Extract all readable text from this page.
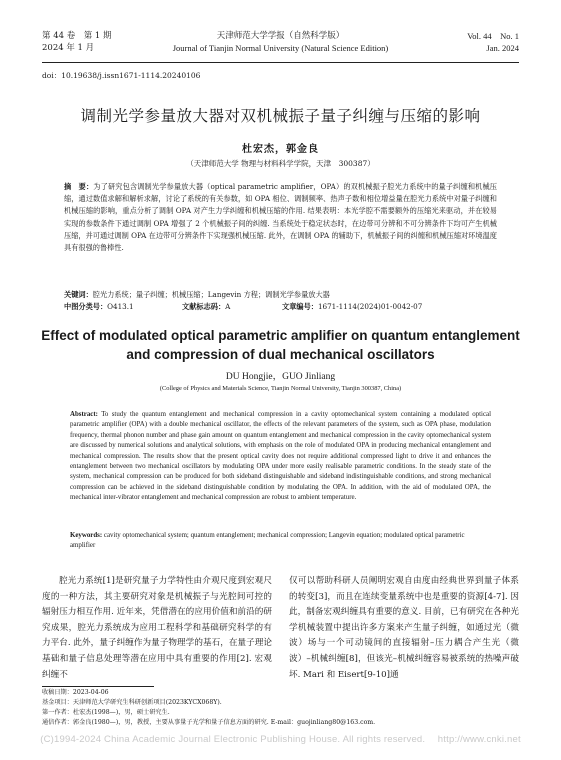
第 44 卷　第 1 期
2024 年 1 月
天津师范大学学报（自然科学版）
Journal of Tianjin Normal University (Natural Science Edition)
Vol. 44　No. 1
Jan. 2024
doi：10.19638/j.issn1671-1114.20240106
调制光学参量放大器对双机械振子量子纠缠与压缩的影响
杜宏杰，郭金良
（天津师范大学 物理与材料科学学院，天津　300387）
摘　要：为了研究包含调制光学参量放大器（optical parametric amplifier，OPA）的双机械振子腔光力系统中的量子纠缠和机械压缩，通过数值求解和解析求解，讨论了系统的有关参数，如 OPA 相位、调制频率、热声子数和相位增益量在腔光力系统中对量子纠缠和机械压缩的影响，重点分析了调制 OPA 对产生力学纠缠和机械压缩的作用. 结果表明：本光学腔不需要额外的压缩光来驱动，并在较易实现的参数条件下通过调制 OPA 增强了 2 个机械振子间的纠缠. 当系统处于稳定状态时，在边带可分辨和不可分辨条件下均可产生机械压缩，并可通过调制 OPA 在边带可分辨条件下实现强机械压缩. 此外，在调制 OPA 的辅助下，机械振子间的纠缠和机械压缩对环境温度具有很强的鲁棒性.
关键词：腔光力系统；量子纠缠；机械压缩；Langevin 方程；调制光学参量放大器
中图分类号：O413.1	文献标志码：A	文章编号：1671-1114(2024)01-0042-07
Effect of modulated optical parametric amplifier on quantum entanglement and compression of dual mechanical oscillators
DU Hongjie，GUO Jinliang
(College of Physics and Materials Science, Tianjin Normal University, Tianjin 300387, China)
Abstract: To study the quantum entanglement and mechanical compression in a cavity optomechanical system containing a modulated optical parametric amplifier (OPA) with a double mechanical oscillator, the effects of the relevant parameters of the system, such as OPA phase, modulation frequency, thermal phonon number and phase gain amount on quantum entanglement and mechanical compression in the cavity optomechanical system are discussed by numerical solutions and analytical solutions, with emphasis on the role of modulated OPA in producing mechanical entanglement and mechanical compression. The results show that the present optical cavity does not require additional compressed light to drive it and enhances the entanglement between two mechanical oscillators by modulating OPA under more easily realisable parametric conditions. In the steady state of the system, mechanical compression can be produced for both sideband distinguishable and sideband indistinguishable conditions, and strong mechanical compression can be achieved in the sideband distinguishable condition by modulating the OPA. In addition, with the aid of modulated OPA, the mechanical inter-vibrator entanglement and mechanical compression are robust to ambient temperature.
Keywords: cavity optomechanical system; quantum entanglement; mechanical compression; Langevin equation; modulated optical parametric amplifier
腔光力系统[1]是研究量子力学特性由介观尺度到宏观尺度的一种方法，其主要研究对象是机械振子与光腔间可控的辐射压力相互作用. 近年来，凭借潜在的应用价值和前沿的研究成果，腔光力系统成为应用工程科学和基础研究科学的有力平台. 此外，量子纠缠作为量子物理学的基石，在量子理论基础和量子信息处理等潜在应用中具有重要的作用[2]. 宏观纠缠不
仅可以帮助科研人员阐明宏观自由度由经典世界到量子体系的转变[3]，而且在连续变量系统中也是重要的资源[4-7]. 因此，制备宏观纠缠具有重要的意义. 目前，已有研究在各种光学机械装置中提出许多方案来产生量子纠缠，如通过光（微波）场与一个可动镜间的直接辐射–压力耦合产生光（微波）–机械纠缠[8]，但该光–机械纠缠容易被系统的热噪声破坏. Mari 和 Eisert[9-10]通
收稿日期：2023-04-06
基金项目：天津师范大学研究生科研创新项目(2023KYCX068Y).
第一作者：杜宏杰(1998—)，男，硕士研究生.
通信作者：郭金良(1980—)，男，教授，主要从事量子光学和量子信息方面的研究. E-mail：guojinliang80@163.com.
(C)1994-2024 China Academic Journal Electronic Publishing House. All rights reserved.　 http://www.cnki.net
